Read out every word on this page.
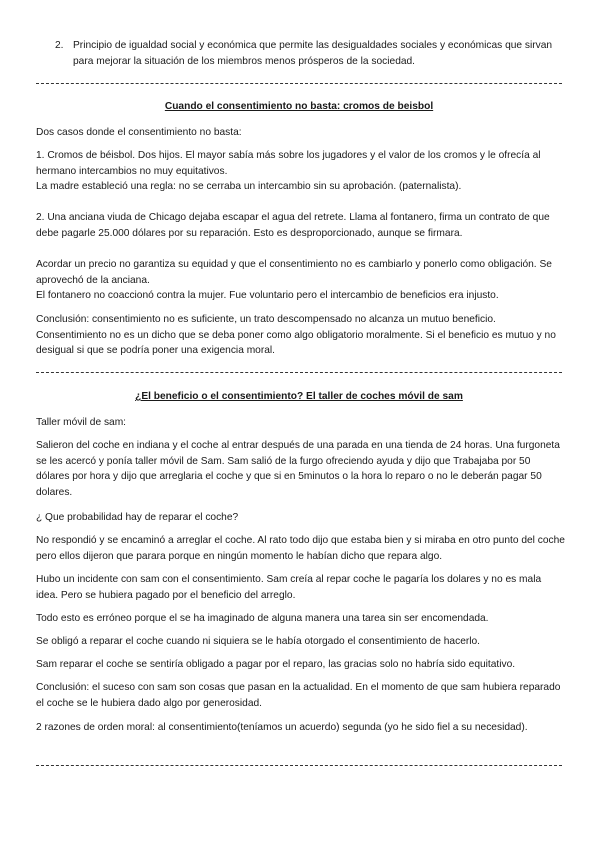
2. Principio de igualdad social y económica que permite las desigualdades sociales y económicas que sirvan para mejorar la situación de los miembros menos prósperos de la sociedad.

Cuando el consentimiento no basta: cromos de beisbol

Dos casos donde el consentimiento no basta:

1. Cromos de béisbol. Dos hijos. El mayor sabía más sobre los jugadores y el valor de los cromos y le ofrecía al hermano intercambios no muy equitativos.
La madre estableció una regla: no se cerraba un intercambio sin su aprobación. (paternalista).

2. Una anciana viuda de Chicago dejaba escapar el agua del retrete. Llama al fontanero, firma un contrato de que debe pagarle 25.000 dólares por su reparación. Esto es desproporcionado, aunque se firmara.

Acordar un precio no garantiza su equidad y que el consentimiento no es cambiarlo y ponerlo como obligación. Se aprovechó de la anciana.
El fontanero no coaccionó contra la mujer. Fue voluntario pero el intercambio de beneficios era injusto.

Conclusión: consentimiento no es suficiente, un trato descompensado no alcanza un mutuo beneficio. Consentimiento no es un dicho que se deba poner como algo obligatorio moralmente. Si el beneficio es mutuo y no desigual si que se podría poner una exigencia moral.

¿El beneficio o el consentimiento? El taller de coches móvil de sam

Taller móvil de sam:

Salieron del coche en indiana y el coche al entrar después de una parada en una tienda de 24 horas. Una furgoneta se les acercó y ponía taller móvil de Sam. Sam salió de la furgo ofreciendo ayuda y dijo que Trabajaba por 50 dólares por hora y dijo que arreglaria el coche y que si en 5minutos o la hora lo reparo o no le deberán pagar 50 dolares.

¿ Que probabilidad hay de reparar el coche?

No respondió y se encaminó a arreglar el coche. Al rato todo dijo que estaba bien y si miraba en otro punto del coche pero ellos dijeron que parara porque en ningún momento le habían dicho que repara algo.

Hubo un incidente con sam con el consentimiento. Sam creía al repar coche le pagaría los dolares y no es mala idea. Pero se hubiera pagado por el beneficio del arreglo.

Todo esto es erróneo porque el se ha imaginado de alguna manera una tarea sin ser encomendada.

Se obligó a reparar el coche cuando ni siquiera se le había otorgado el consentimiento de hacerlo.

Sam reparar el coche se sentiría obligado a pagar por el reparo, las gracias solo no habría sido equitativo.

Conclusión: el suceso con sam son cosas que pasan en la actualidad. En el momento de que sam hubiera reparado el coche se le hubiera dado algo por generosidad.

2 razones de orden moral: al consentimiento(teníamos un acuerdo) segunda (yo he sido fiel a su necesidad).
